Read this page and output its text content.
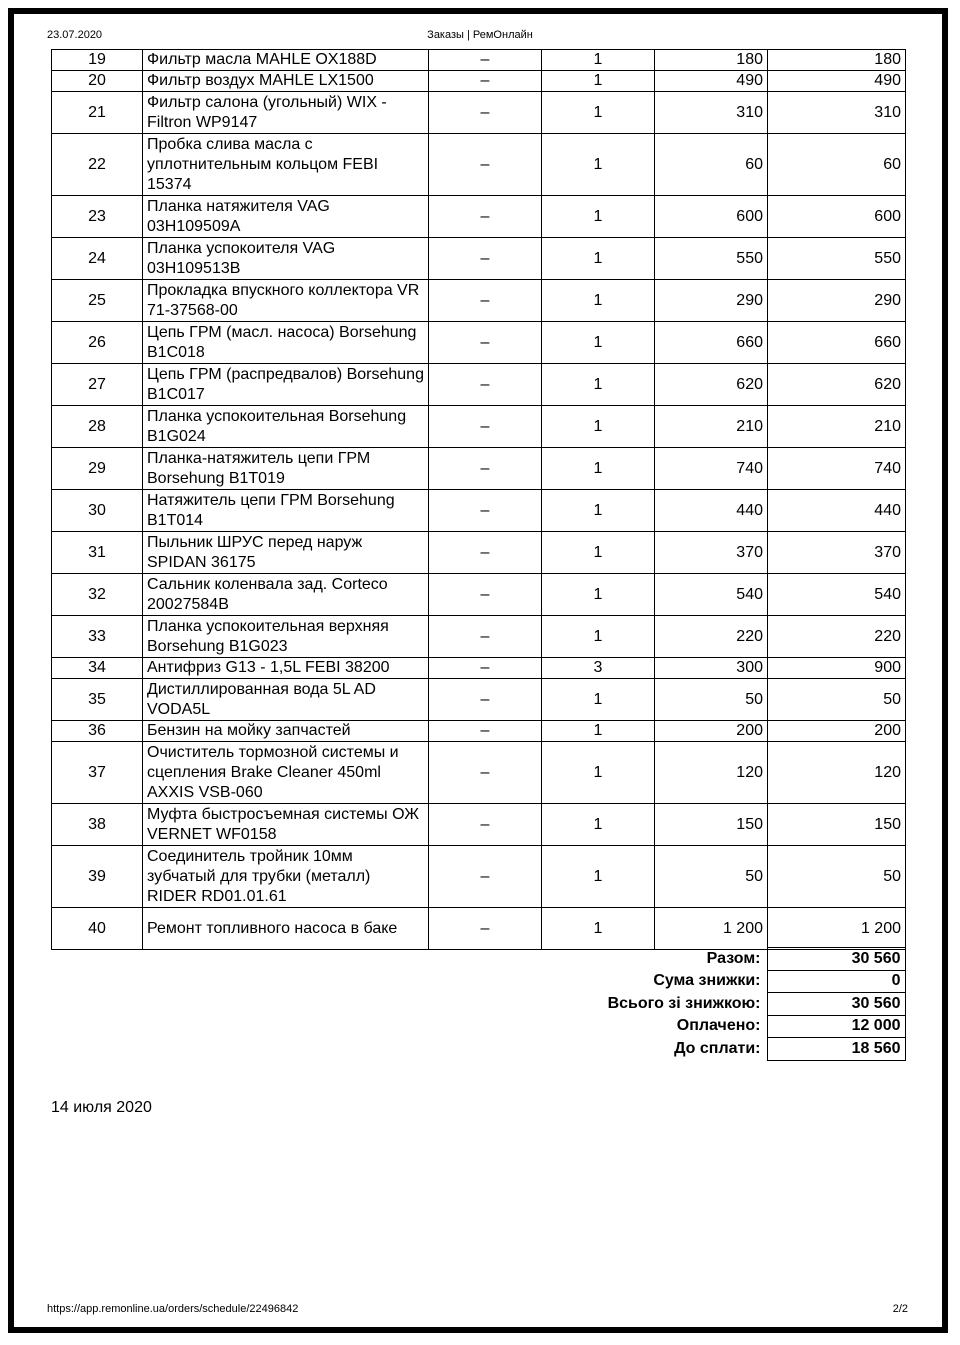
23.07.2020	Заказы | РемОнлайн
19	Фильтр масла MAHLE OX188D	–	1	180	180
20	Фильтр воздух MAHLE LX1500	–	1	490	490
21	Фильтр салона (угольный) WIX - Filtron WP9147	–	1	310	310
22	Пробка слива масла с уплотнительным кольцом FEBI 15374	–	1	60	60
23	Планка натяжителя VAG 03H109509A	–	1	600	600
24	Планка успокоителя VAG 03H109513B	–	1	550	550
25	Прокладка впускного коллектора VR 71-37568-00	–	1	290	290
26	Цепь ГРМ (масл. насоса) Borsehung B1C018	–	1	660	660
27	Цепь ГРМ (распредвалов) Borsehung B1C017	–	1	620	620
28	Планка успокоительная Borsehung B1G024	–	1	210	210
29	Планка-натяжитель цепи ГРМ Borsehung B1T019	–	1	740	740
30	Натяжитель цепи ГРМ Borsehung B1T014	–	1	440	440
31	Пыльник ШРУС перед наруж SPIDAN 36175	–	1	370	370
32	Сальник коленвала зад. Corteco 20027584B	–	1	540	540
33	Планка успокоительная верхняя Borsehung B1G023	–	1	220	220
34	Антифриз G13 - 1,5L FEBI 38200	–	3	300	900
35	Дистиллированная вода 5L AD VODA5L	–	1	50	50
36	Бензин на мойку запчастей	–	1	200	200
37	Очиститель тормозной системы и сцепления Brake Cleaner 450ml AXXIS VSB-060	–	1	120	120
38	Муфта быстросъемная системы ОЖ VERNET WF0158	–	1	150	150
39	Соединитель тройник 10мм зубчатый для трубки (металл) RIDER RD01.01.61	–	1	50	50
40	Ремонт топливного насоса в баке	–	1	1 200	1 200
Разом:	30 560
Сума знижки:	0
Всього зі знижкою:	30 560
Оплачено:	12 000
До сплати:	18 560
14 июля 2020
https://app.remonline.ua/orders/schedule/22496842	2/2
